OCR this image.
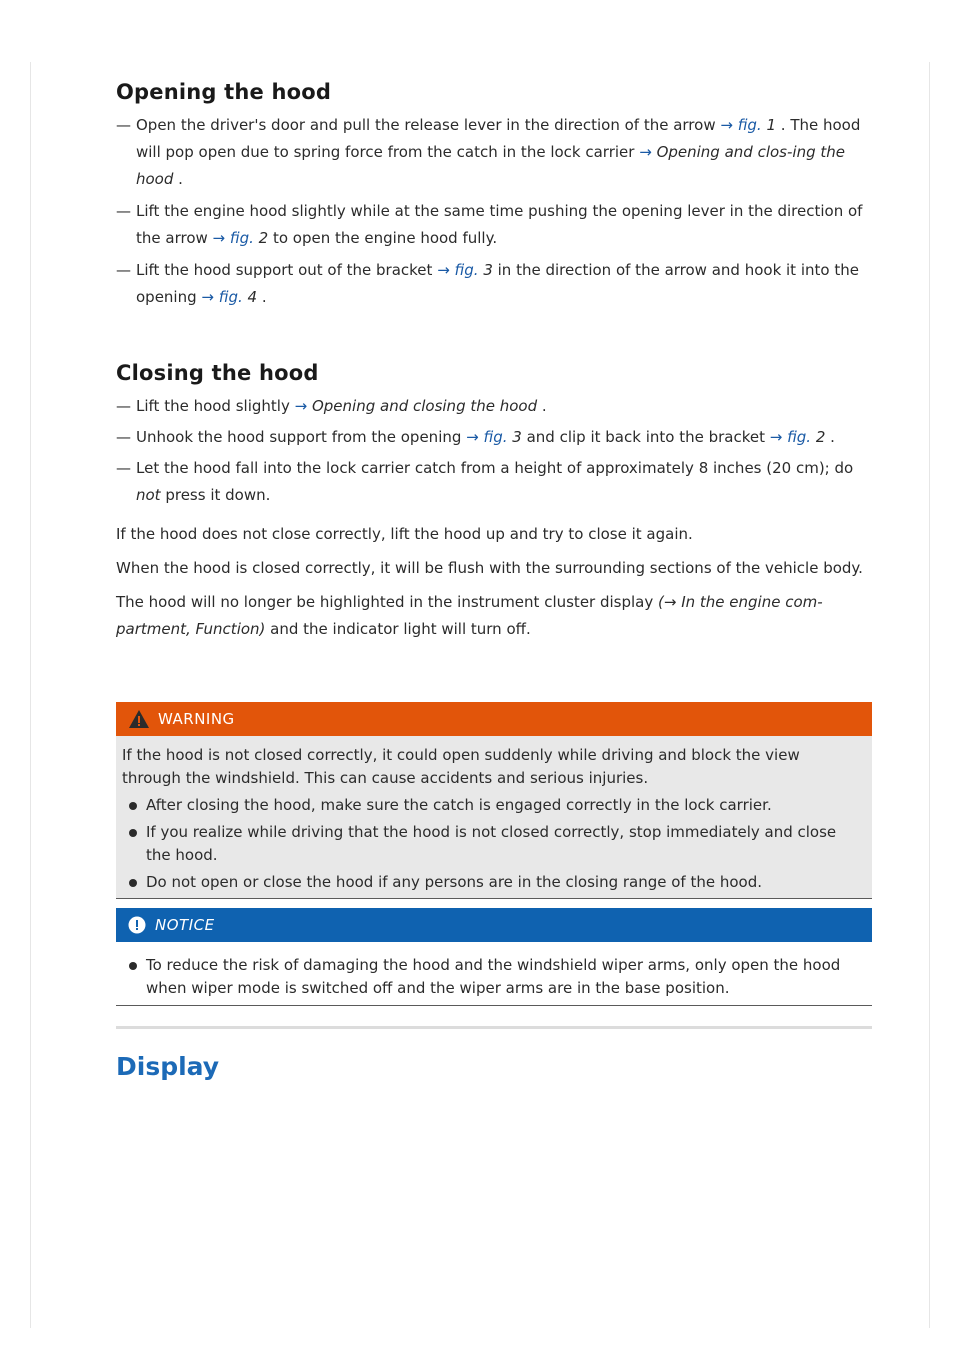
Opening the hood

— Open the driver's door and pull the release lever in the direction of the arrow → fig. 1 . The hood will pop open due to spring force from the catch in the lock carrier → Opening and clos-ing the hood .

— Lift the engine hood slightly while at the same time pushing the opening lever in the direction of the arrow → fig. 2 to open the engine hood fully.

— Lift the hood support out of the bracket → fig. 3 in the direction of the arrow and hook it into the opening → fig. 4 .

Closing the hood

— Lift the hood slightly → Opening and closing the hood .

— Unhook the hood support from the opening → fig. 3 and clip it back into the bracket → fig. 2 .

— Let the hood fall into the lock carrier catch from a height of approximately 8 inches (20 cm); do not press it down.

If the hood does not close correctly, lift the hood up and try to close it again.

When the hood is closed correctly, it will be flush with the surrounding sections of the vehicle body.

The hood will no longer be highlighted in the instrument cluster display (→ In the engine com-partment, Function) and the indicator light will turn off.

WARNING
If the hood is not closed correctly, it could open suddenly while driving and block the view through the windshield. This can cause accidents and serious injuries.
After closing the hood, make sure the catch is engaged correctly in the lock carrier.
If you realize while driving that the hood is not closed correctly, stop immediately and close the hood.
Do not open or close the hood if any persons are in the closing range of the hood.
NOTICE
To reduce the risk of damaging the hood and the windshield wiper arms, only open the hood when wiper mode is switched off and the wiper arms are in the base position.
Display
